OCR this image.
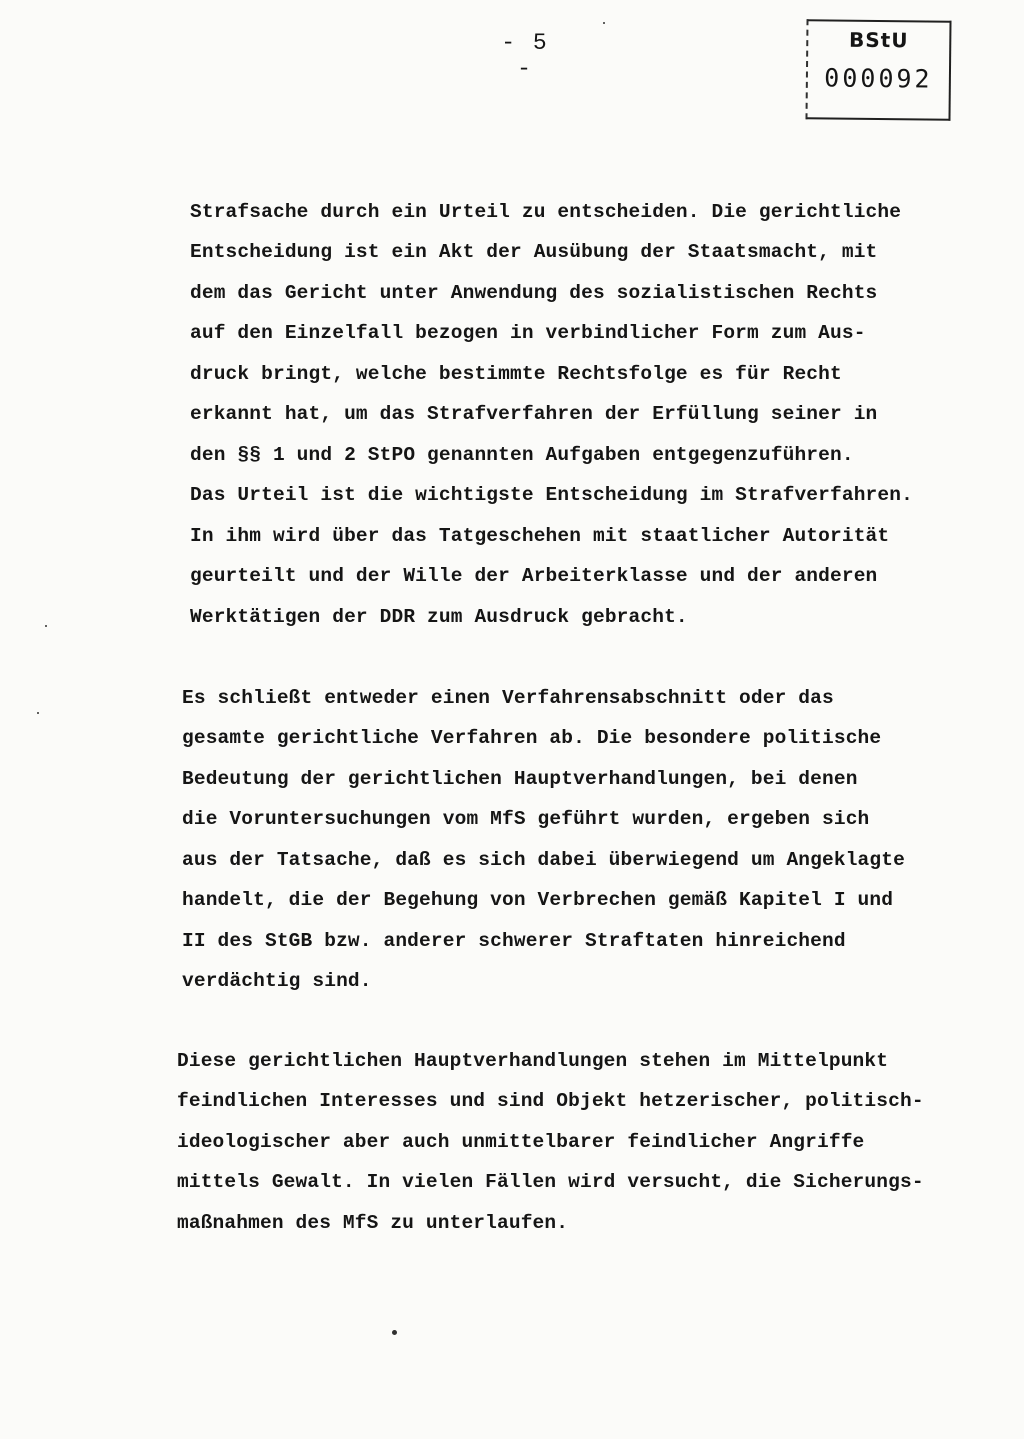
- 5 -
BStU
000092

Strafsache durch ein Urteil zu entscheiden. Die gerichtliche
Entscheidung ist ein Akt der Ausübung der Staatsmacht, mit
dem das Gericht unter Anwendung des sozialistischen Rechts
auf den Einzelfall bezogen in verbindlicher Form zum Aus-
druck bringt, welche bestimmte Rechtsfolge es für Recht
erkannt hat, um das Strafverfahren der Erfüllung seiner in
den §§ 1 und 2 StPO genannten Aufgaben entgegenzuführen.
Das Urteil ist die wichtigste Entscheidung im Strafverfahren.
In ihm wird über das Tatgeschehen mit staatlicher Autorität
geurteilt und der Wille der Arbeiterklasse und der anderen
Werktätigen der DDR zum Ausdruck gebracht.

Es schließt entweder einen Verfahrensabschnitt oder das
gesamte gerichtliche Verfahren ab. Die besondere politische
Bedeutung der gerichtlichen Hauptverhandlungen, bei denen
die Voruntersuchungen vom MfS geführt wurden, ergeben sich
aus der Tatsache, daß es sich dabei überwiegend um Angeklagte
handelt, die der Begehung von Verbrechen gemäß Kapitel I und
II des StGB bzw. anderer schwerer Straftaten hinreichend
verdächtig sind.

Diese gerichtlichen Hauptverhandlungen stehen im Mittelpunkt
feindlichen Interesses und sind Objekt hetzerischer, politisch-
ideologischer aber auch unmittelbarer feindlicher Angriffe
mittels Gewalt. In vielen Fällen wird versucht, die Sicherungs-
maßnahmen des MfS zu unterlaufen.
